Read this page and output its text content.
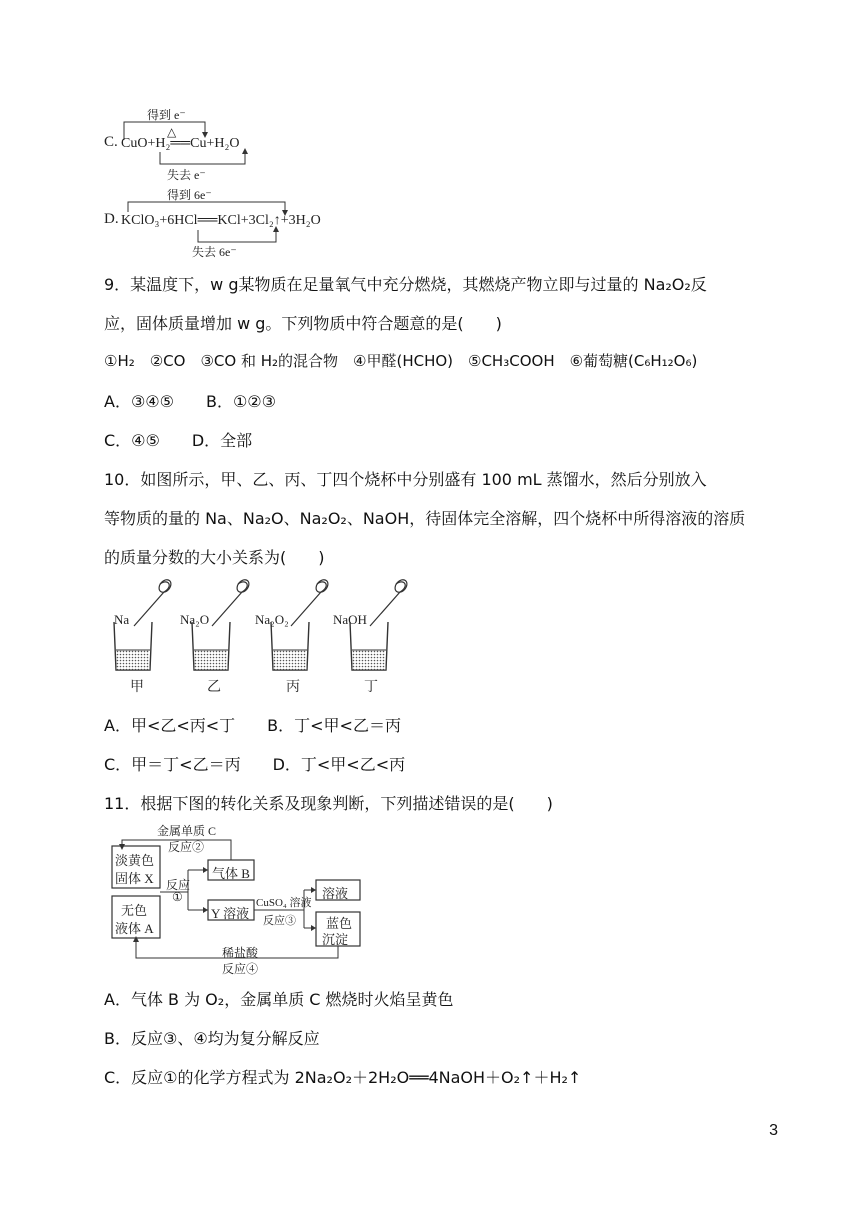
得到 e⁻
△
C. CuO+H₂══Cu+H₂O
失去 e⁻
得到 6e⁻
D. KClO₃+6HCl══KCl+3Cl₂↑+3H₂O
失去 6e⁻
9．某温度下，w g某物质在足量氧气中充分燃烧，其燃烧产物立即与过量的 Na₂O₂反
应，固体质量增加 w g。下列物质中符合题意的是(　　)
①H₂　②CO　③CO 和 H₂的混合物　④甲醛(HCHO)　⑤CH₃COOH　⑥葡萄糖(C₆H₁₂O₆)
A．③④⑤　　B．①②③
C．④⑤　　D．全部
10．如图所示，甲、乙、丙、丁四个烧杯中分别盛有 100 mL 蒸馏水，然后分别放入
等物质的量的 Na、Na₂O、Na₂O₂、NaOH，待固体完全溶解，四个烧杯中所得溶液的溶质
的质量分数的大小关系为(　　)
Na	Na₂O	Na₂O₂	NaOH
甲	乙	丙	丁
A．甲<乙<丙<丁　　B．丁<甲<乙＝丙
C．甲＝丁<乙＝丙　　D．丁<甲<乙<丙
11．根据下图的转化关系及现象判断，下列描述错误的是(　　)
金属单质 C
反应②
淡黄色
固体 X
无色
液体 A
反应
①
气体 B
Y 溶液
CuSO₄ 溶液
反应③
溶液
蓝色
沉淀
稀盐酸
反应④
A．气体 B 为 O₂，金属单质 C 燃烧时火焰呈黄色
B．反应③、④均为复分解反应
C．反应①的化学方程式为 2Na₂O₂＋2H₂O══4NaOH＋O₂↑＋H₂↑
3
